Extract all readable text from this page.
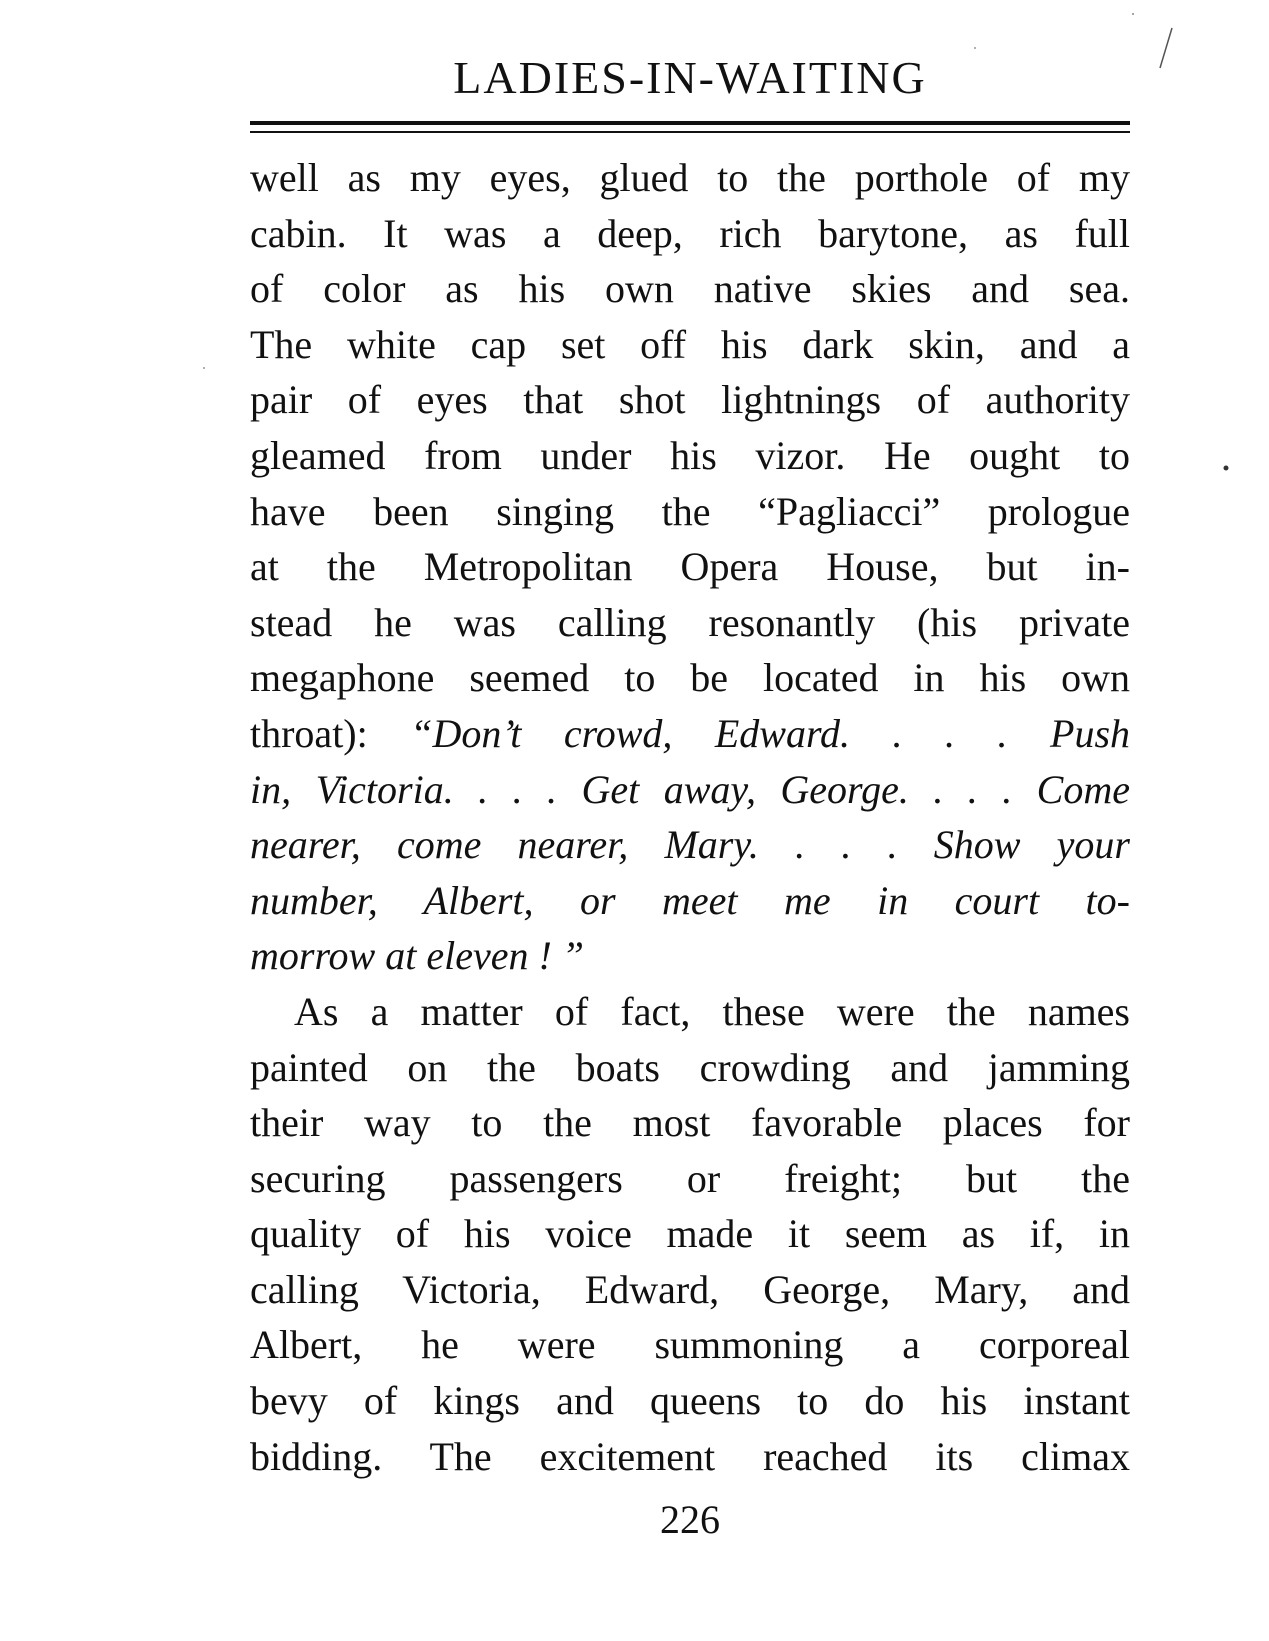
LADIES-IN-WAITING
well as my eyes, glued to the porthole of my
cabin. It was a deep, rich barytone, as full
of color as his own native skies and sea.
The white cap set off his dark skin, and a
pair of eyes that shot lightnings of authority
gleamed from under his vizor. He ought to
have been singing the “Pagliacci” prologue
at the Metropolitan Opera House, but in-
stead he was calling resonantly (his private
megaphone seemed to be located in his own
throat): “Don’t crowd, Edward. . . . Push
in, Victoria. . . . Get away, George. . . . Come
nearer, come nearer, Mary. . . . Show your
number, Albert, or meet me in court to-
morrow at eleven ! ”
As a matter of fact, these were the names
painted on the boats crowding and jamming
their way to the most favorable places for
securing passengers or freight; but the
quality of his voice made it seem as if, in
calling Victoria, Edward, George, Mary, and
Albert, he were summoning a corporeal
bevy of kings and queens to do his instant
bidding. The excitement reached its climax
226
